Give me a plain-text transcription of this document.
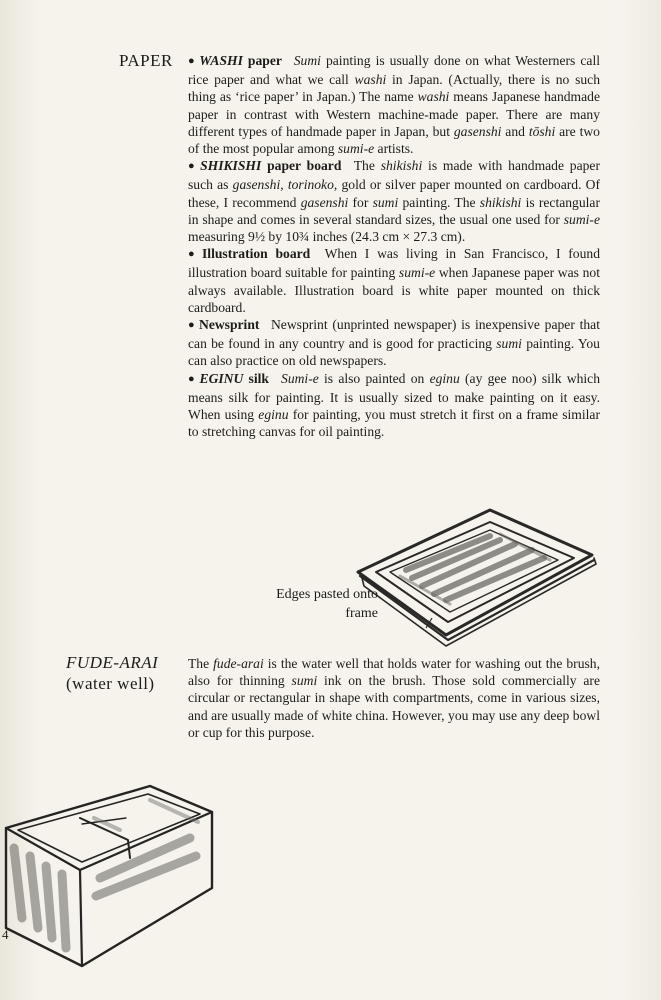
PAPER ● WASHI paper  Sumi painting is usually done on what Westerners call rice paper and what we call washi in Japan. (Actually, there is no such thing as ‘rice paper’ in Japan.) The name washi means Japanese handmade paper in contrast with Western machine-made paper. There are many different types of handmade paper in Japan, but gasenshi and tōshi are two of the most popular among sumi-e artists.

● SHIKISHI paper board  The shikishi is made with handmade paper such as gasenshi, torinoko, gold or silver paper mounted on cardboard. Of these, I recommend gasenshi for sumi painting. The shikishi is rectangular in shape and comes in several standard sizes, the usual one used for sumi-e measuring 9½ by 10¾ inches (24.3 cm × 27.3 cm).

● Illustration board  When I was living in San Francisco, I found illustration board suitable for painting sumi-e when Japanese paper was not always available. Illustration board is white paper mounted on thick cardboard.

● Newsprint  Newsprint (unprinted newspaper) is inexpensive paper that can be found in any country and is good for practicing sumi painting. You can also practice on old newspapers.

● EGINU silk  Sumi-e is also painted on eginu (ay gee noo) silk which means silk for painting. It is usually sized to make painting on it easy. When using eginu for painting, you must stretch it first on a frame similar to stretching canvas for oil painting.

Edges pasted onto frame
FUDE-ARAI
(water well)

The fude-arai is the water well that holds water for washing out the brush, also for thinning sumi ink on the brush. Those sold commercially are circular or rectangular in shape with compartments, come in various sizes, and are usually made of white china. However, you may use any deep bowl or cup for this purpose.

4
